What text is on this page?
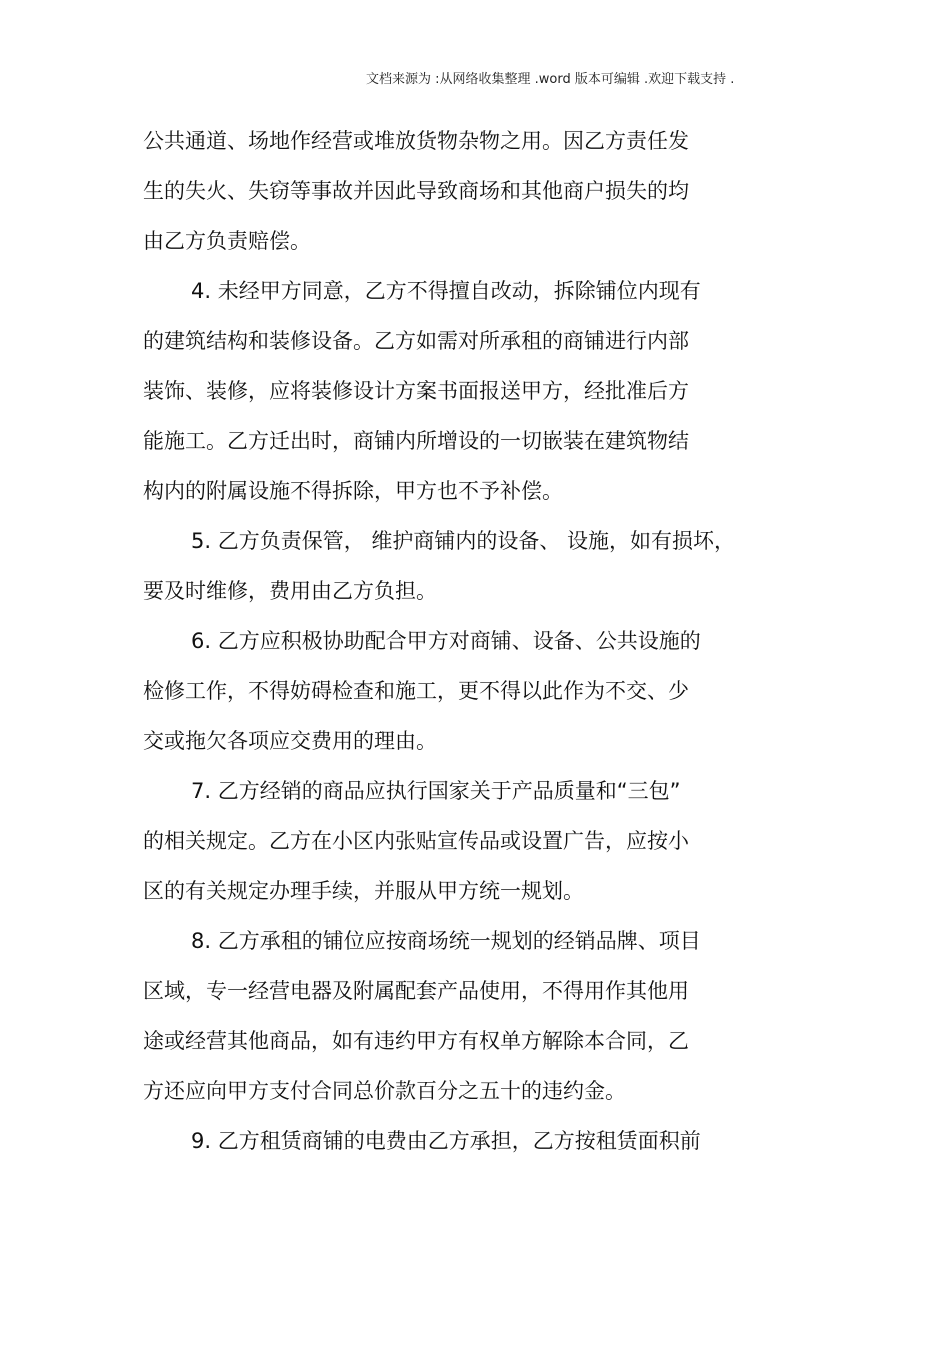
文档来源为 :从网络收集整理 .word 版本可编辑 .欢迎下载支持 .
公共通道、场地作经营或堆放货物杂物之用。因乙方责任发
生的失火、失窃等事故并因此导致商场和其他商户损失的均
由乙方负责赔偿。
4. 未经甲方同意，乙方不得擅自改动，拆除铺位内现有
的建筑结构和装修设备。乙方如需对所承租的商铺进行内部
装饰、装修，应将装修设计方案书面报送甲方，经批准后方
能施工。乙方迁出时，商铺内所增设的一切嵌装在建筑物结
构内的附属设施不得拆除，甲方也不予补偿。
5. 乙方负责保管， 维护商铺内的设备、 设施，如有损坏，
要及时维修，费用由乙方负担。
6. 乙方应积极协助配合甲方对商铺、设备、公共设施的
检修工作，不得妨碍检查和施工，更不得以此作为不交、少
交或拖欠各项应交费用的理由。
7. 乙方经销的商品应执行国家关于产品质量和“三包”
的相关规定。乙方在小区内张贴宣传品或设置广告，应按小
区的有关规定办理手续，并服从甲方统一规划。
8. 乙方承租的铺位应按商场统一规划的经销品牌、项目
区域，专一经营电器及附属配套产品使用，不得用作其他用
途或经营其他商品，如有违约甲方有权单方解除本合同，乙
方还应向甲方支付合同总价款百分之五十的违约金。
9. 乙方租赁商铺的电费由乙方承担，乙方按租赁面积前
